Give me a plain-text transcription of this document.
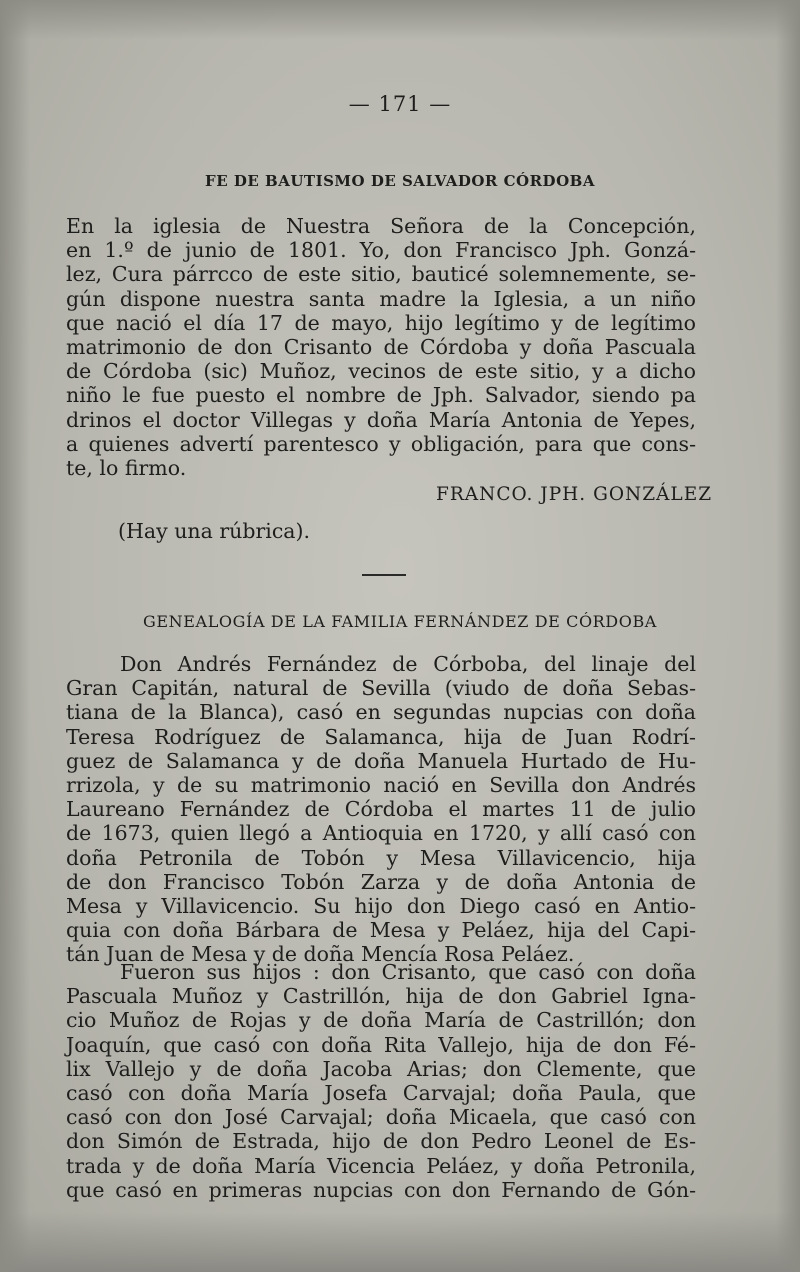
— 171 —
FE DE BAUTISMO DE SALVADOR CÓRDOBA
En la iglesia de Nuestra Señora de la Concepción,
en 1.º de junio de 1801. Yo, don Francisco Jph. Gonzá-
lez, Cura párrcco de este sitio, bauticé solemnemente, se-
gún dispone nuestra santa madre la Iglesia, a un niño
que nació el día 17 de mayo, hijo legítimo y de legítimo
matrimonio de don Crisanto de Córdoba y doña Pascuala
de Córdoba (sic) Muñoz, vecinos de este sitio, y a dicho
niño le fue puesto el nombre de Jph. Salvador, siendo pa
drinos el doctor Villegas y doña María Antonia de Yepes,
a quienes advertí parentesco y obligación, para que cons-
te, lo firmo.
FRANCO. JPH. GONZÁLEZ
(Hay una rúbrica).
GENEALOGÍA DE LA FAMILIA FERNÁNDEZ DE CÓRDOBA
Don Andrés Fernández de Córboba, del linaje del
Gran Capitán, natural de Sevilla (viudo de doña Sebas-
tiana de la Blanca), casó en segundas nupcias con doña
Teresa Rodríguez de Salamanca, hija de Juan Rodrí-
guez de Salamanca y de doña Manuela Hurtado de Hu-
rrizola, y de su matrimonio nació en Sevilla don Andrés
Laureano Fernández de Córdoba el martes 11 de julio
de 1673, quien llegó a Antioquia en 1720, y allí casó con
doña Petronila de Tobón y Mesa Villavicencio, hija
de don Francisco Tobón Zarza y de doña Antonia de
Mesa y Villavicencio. Su hijo don Diego casó en Antio-
quia con doña Bárbara de Mesa y Peláez, hija del Capi-
tán Juan de Mesa y de doña Mencía Rosa Peláez.
Fueron sus hijos : don Crisanto, que casó con doña
Pascuala Muñoz y Castrillón, hija de don Gabriel Igna-
cio Muñoz de Rojas y de doña María de Castrillón; don
Joaquín, que casó con doña Rita Vallejo, hija de don Fé-
lix Vallejo y de doña Jacoba Arias; don Clemente, que
casó con doña María Josefa Carvajal; doña Paula, que
casó con don José Carvajal; doña Micaela, que casó con
don Simón de Estrada, hijo de don Pedro Leonel de Es-
trada y de doña María Vicencia Peláez, y doña Petronila,
que casó en primeras nupcias con don Fernando de Gón-
